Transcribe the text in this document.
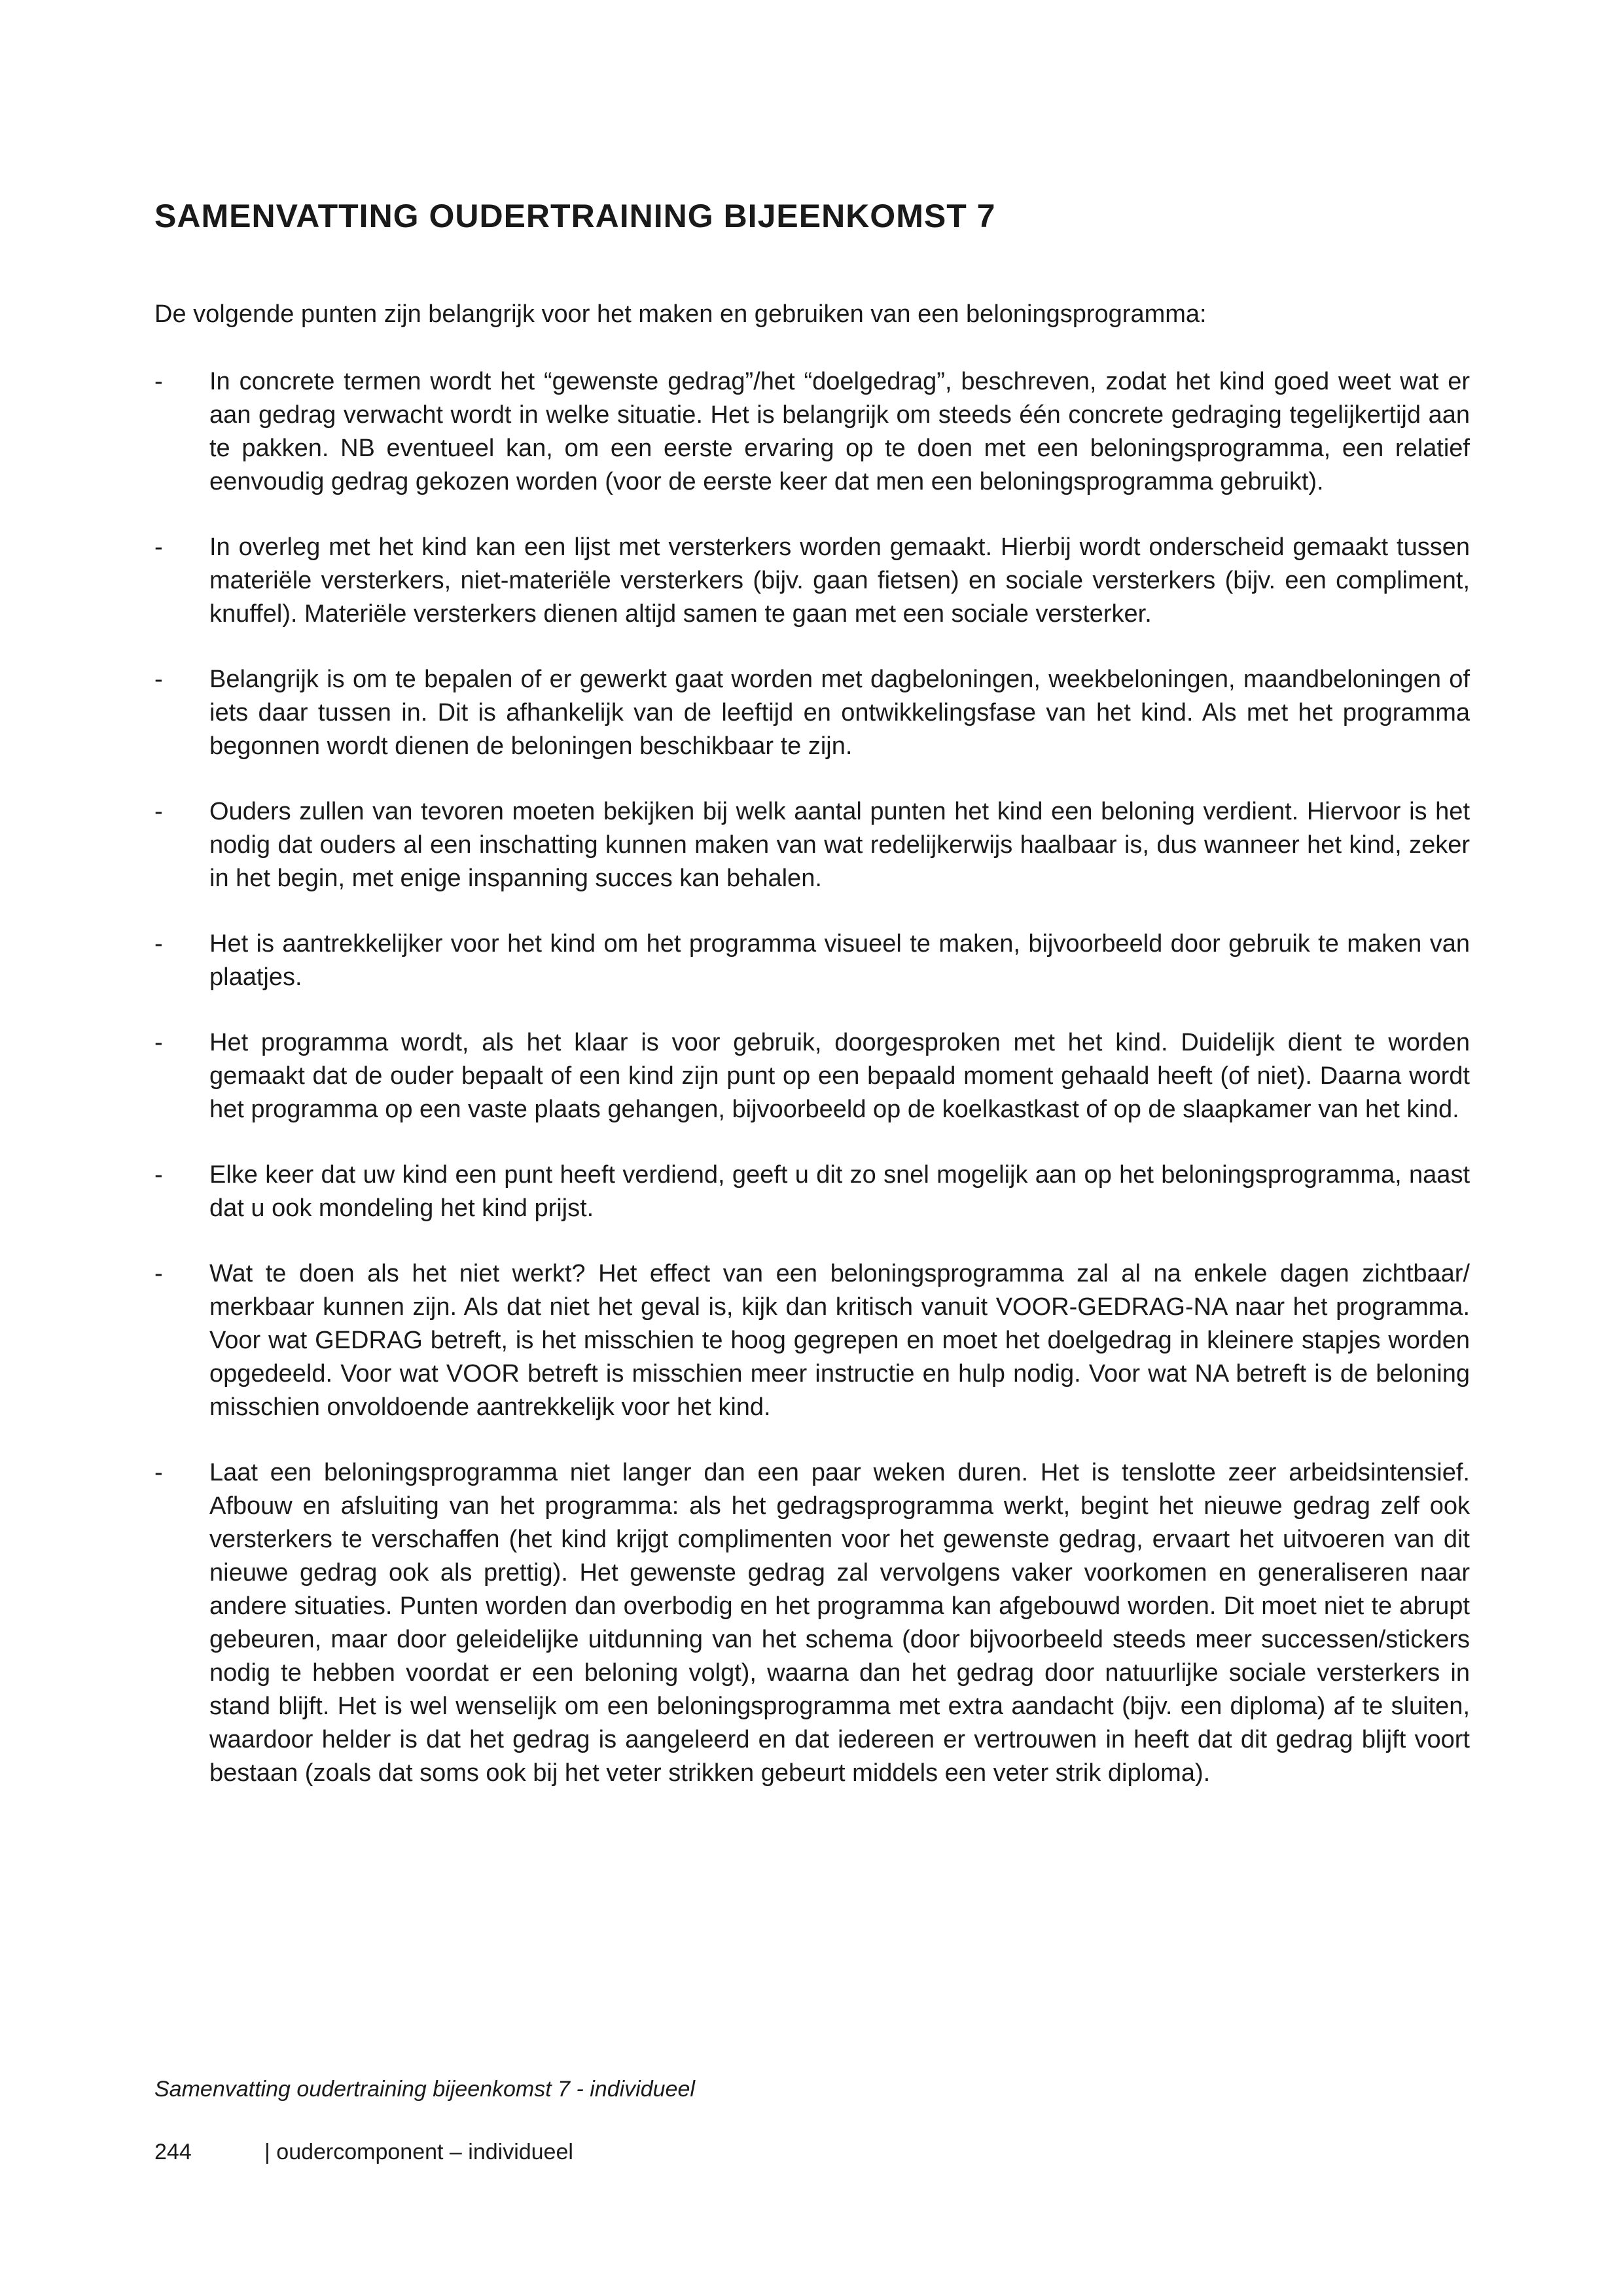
SAMENVATTING OUDERTRAINING BIJEENKOMST 7

De volgende punten zijn belangrijk voor het maken en gebruiken van een beloningsprogramma:

-	In concrete termen wordt het “gewenste gedrag”/het “doelgedrag”, beschreven, zodat het kind goed weet wat er aan gedrag verwacht wordt in welke situatie. Het is belangrijk om steeds één concrete gedraging tegelijkertijd aan te pakken. NB eventueel kan, om een eerste ervaring op te doen met een beloningsprogramma, een relatief eenvoudig gedrag gekozen worden (voor de eerste keer dat men een beloningsprogramma gebruikt).
-	In overleg met het kind kan een lijst met versterkers worden gemaakt. Hierbij wordt onderscheid gemaakt tussen materiële versterkers, niet-materiële versterkers (bijv. gaan fietsen) en sociale versterkers (bijv. een compliment, knuffel). Materiële versterkers dienen altijd samen te gaan met een sociale versterker.
-	Belangrijk is om te bepalen of er gewerkt gaat worden met dagbeloningen, weekbeloningen, maandbeloningen of iets daar tussen in. Dit is afhankelijk van de leeftijd en ontwikkelingsfase van het kind. Als met het programma begonnen wordt dienen de beloningen beschikbaar te zijn.
-	Ouders zullen van tevoren moeten bekijken bij welk aantal punten het kind een beloning verdient. Hiervoor is het nodig dat ouders al een inschatting kunnen maken van wat redelijkerwijs haalbaar is, dus wanneer het kind, zeker in het begin, met enige inspanning succes kan behalen.
-	Het is aantrekkelijker voor het kind om het programma visueel te maken, bijvoorbeeld door gebruik te maken van plaatjes.
-	Het programma wordt, als het klaar is voor gebruik, doorgesproken met het kind. Duidelijk dient te worden gemaakt dat de ouder bepaalt of een kind zijn punt op een bepaald moment gehaald heeft (of niet). Daarna wordt het programma op een vaste plaats gehangen, bijvoorbeeld op de koelkastkast of op de slaapkamer van het kind.
-	Elke keer dat uw kind een punt heeft verdiend, geeft u dit zo snel mogelijk aan op het beloningsprogramma, naast dat u ook mondeling het kind prijst.
-	Wat te doen als het niet werkt? Het effect van een beloningsprogramma zal al na enkele dagen zichtbaar/ merkbaar kunnen zijn. Als dat niet het geval is, kijk dan kritisch vanuit VOOR-GEDRAG-NA naar het programma. Voor wat GEDRAG betreft, is het misschien te hoog gegrepen en moet het doelgedrag in kleinere stapjes worden opgedeeld. Voor wat VOOR betreft is misschien meer instructie en hulp nodig. Voor wat NA betreft is de beloning misschien onvoldoende aantrekkelijk voor het kind.
-	Laat een beloningsprogramma niet langer dan een paar weken duren. Het is tenslotte zeer arbeidsintensief. Afbouw en afsluiting van het programma: als het gedragsprogramma werkt, begint het nieuwe gedrag zelf ook versterkers te verschaffen (het kind krijgt complimenten voor het gewenste gedrag, ervaart het uitvoeren van dit nieuwe gedrag ook als prettig). Het gewenste gedrag zal vervolgens vaker voorkomen en generaliseren naar andere situaties. Punten worden dan overbodig en het programma kan afgebouwd worden. Dit moet niet te abrupt gebeuren, maar door geleidelijke uitdunning van het schema (door bijvoorbeeld steeds meer successen/stickers nodig te hebben voordat er een beloning volgt), waarna dan het gedrag door natuurlijke sociale versterkers in stand blijft. Het is wel wenselijk om een beloningsprogramma met extra aandacht (bijv. een diploma) af te sluiten, waardoor helder is dat het gedrag is aangeleerd en dat iedereen er vertrouwen in heeft dat dit gedrag blijft voort bestaan (zoals dat soms ook bij het veter strikken gebeurt middels een veter strik diploma).

Samenvatting oudertraining bijeenkomst 7 - individueel

244	| oudercomponent – individueel
